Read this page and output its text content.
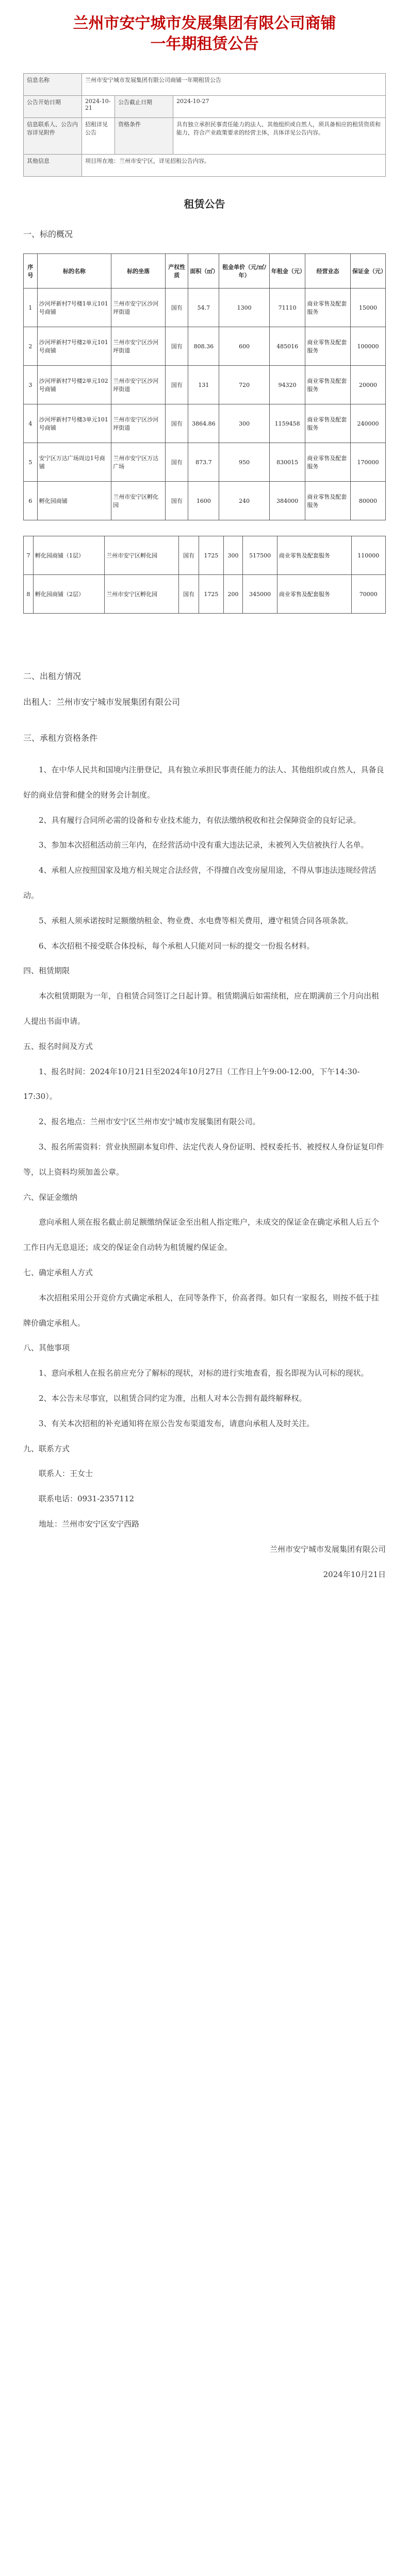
兰州市安宁城市发展集团有限公司商铺
一年期租赁公告
信息名称	兰州市安宁城市发展集团有限公司商铺一年期租赁公告		
公告开始日期	2024-10-21	公告截止日期	2024-10-27
信息联系人、公告内容详见附件	招租详见公告	资格条件	具有独立承担民事责任能力的法人、其他组织或自然人，须具备相应的租赁资质和能力，符合产业政策要求的经营主体，具体详见公告内容。
其他信息	项目所在地：兰州市安宁区，详见招租公告内容。		
租赁公告
一、标的概况
序号	标的名称	标的坐落	产权性质	面积（㎡）	租金单价（元/㎡/年）	年租金（元）	经营业态	保证金（元）
1	沙河坪新村7号楼1单元101号商铺	兰州市安宁区沙河坪街道	国有	54.7	1300	71110	商业零售及配套服务	15000
2	沙河坪新村7号楼2单元101号商铺	兰州市安宁区沙河坪街道	国有	808.36	600	485016	商业零售及配套服务	100000
3	沙河坪新村7号楼2单元102号商铺	兰州市安宁区沙河坪街道	国有	131	720	94320	商业零售及配套服务	20000
4	沙河坪新村7号楼3单元101号商铺	兰州市安宁区沙河坪街道	国有	3864.86	300	1159458	商业零售及配套服务	240000
5	安宁区万达广场周边1号商铺	兰州市安宁区万达广场	国有	873.7	950	830015	商业零售及配套服务	170000
6	孵化园商铺	兰州市安宁区孵化园	国有	1600	240	384000	商业零售及配套服务	80000
7	孵化园商铺（1层）	兰州市安宁区孵化园	国有	1725	300	517500	商业零售及配套服务	110000
8	孵化园商铺（2层）	兰州市安宁区孵化园	国有	1725	200	345000	商业零售及配套服务	70000
二、出租方情况
出租人：兰州市安宁城市发展集团有限公司
三、承租方资格条件

1、在中华人民共和国境内注册登记，具有独立承担民事责任能力的法人、其他组织或自然人，具备良好的商业信誉和健全的财务会计制度。

2、具有履行合同所必需的设备和专业技术能力，有依法缴纳税收和社会保障资金的良好记录。

3、参加本次招租活动前三年内，在经营活动中没有重大违法记录，未被列入失信被执行人名单。

4、承租人应按照国家及地方相关规定合法经营，不得擅自改变房屋用途，不得从事违法违规经营活动。

5、承租人须承诺按时足额缴纳租金、物业费、水电费等相关费用，遵守租赁合同各项条款。

6、本次招租不接受联合体投标，每个承租人只能对同一标的提交一份报名材料。

四、租赁期限

本次租赁期限为一年，自租赁合同签订之日起计算。租赁期满后如需续租，应在期满前三个月向出租人提出书面申请。

五、报名时间及方式

1、报名时间：2024年10月21日至2024年10月27日（工作日上午9:00-12:00，下午14:30-17:30）。

2、报名地点：兰州市安宁区兰州市安宁城市发展集团有限公司。

3、报名所需资料：营业执照副本复印件、法定代表人身份证明、授权委托书、被授权人身份证复印件等，以上资料均须加盖公章。

六、保证金缴纳

意向承租人须在报名截止前足额缴纳保证金至出租人指定账户，未成交的保证金在确定承租人后五个工作日内无息退还；成交的保证金自动转为租赁履约保证金。

七、确定承租人方式

本次招租采用公开竞价方式确定承租人，在同等条件下，价高者得。如只有一家报名，则按不低于挂牌价确定承租人。

八、其他事项

1、意向承租人在报名前应充分了解标的现状，对标的进行实地查看，报名即视为认可标的现状。

2、本公告未尽事宜，以租赁合同约定为准，出租人对本公告拥有最终解释权。

3、有关本次招租的补充通知将在原公告发布渠道发布，请意向承租人及时关注。

九、联系方式

联系人：王女士

联系电话：0931-2357112

地址：兰州市安宁区安宁西路

兰州市安宁城市发展集团有限公司

2024年10月21日
